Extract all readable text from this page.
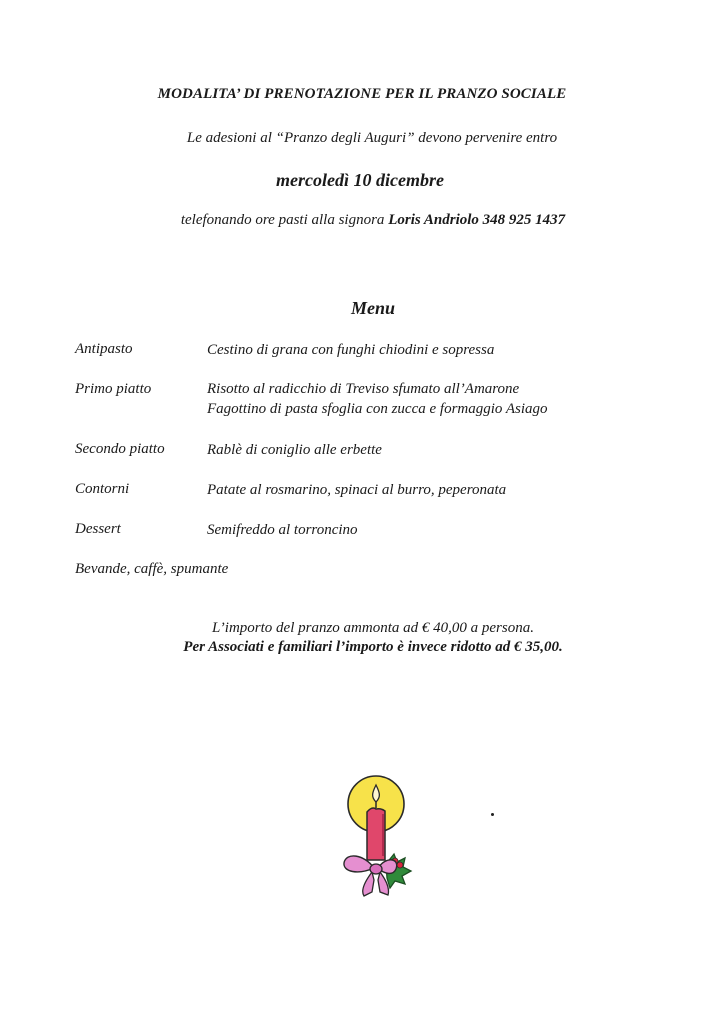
MODALITA’ DI PRENOTAZIONE PER IL PRANZO SOCIALE
Le adesioni al “Pranzo degli Auguri” devono pervenire entro
mercoledì 10 dicembre
telefonando ore pasti alla signora Loris Andriolo 348 925 1437
Menu
Antipasto	Cestino di grana con funghi chiodini e sopressa
Primo piatto	Risotto al radicchio di Treviso sfumato all’Amarone
Fagottino di pasta sfoglia con zucca e formaggio Asiago
Secondo piatto	Rablè di coniglio alle erbette
Contorni	Patate al rosmarino, spinaci al burro, peperonata
Dessert	Semifreddo al torroncino
Bevande, caffè, spumante
L’importo del pranzo ammonta ad € 40,00 a persona.
Per Associati e familiari l’importo è invece ridotto ad € 35,00.
